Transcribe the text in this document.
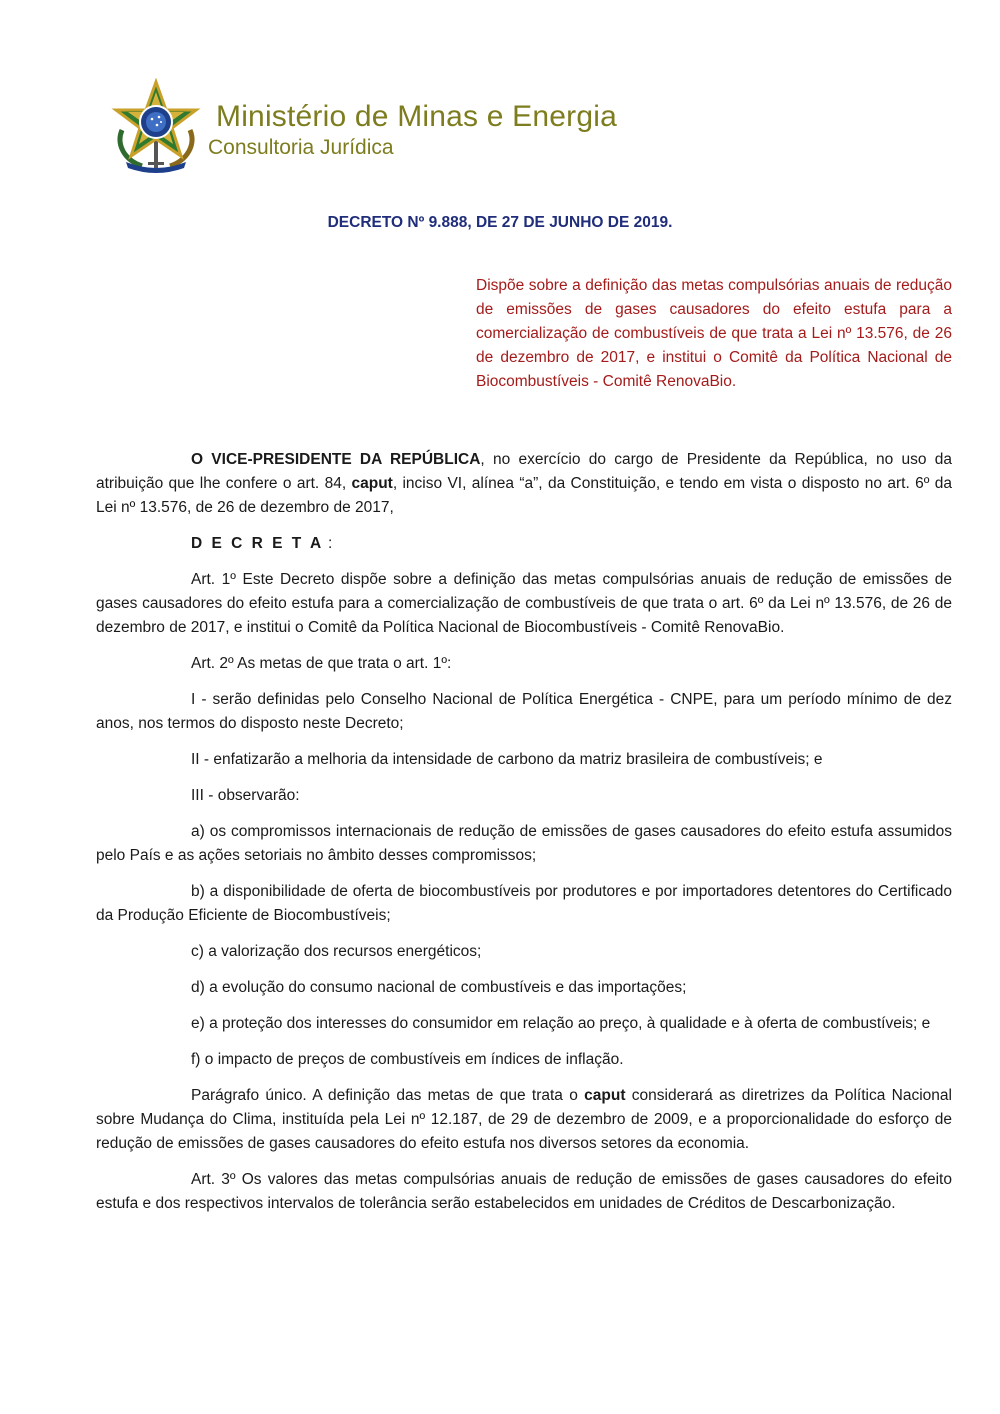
Ministério de Minas e Energia
Consultoria Jurídica
DECRETO Nº 9.888, DE 27 DE JUNHO DE 2019.
Dispõe sobre a definição das metas compulsórias anuais de redução de emissões de gases causadores do efeito estufa para a comercialização de combustíveis de que trata a Lei nº 13.576, de 26 de dezembro de 2017, e institui o Comitê da Política Nacional de Biocombustíveis - Comitê RenovaBio.

O VICE-PRESIDENTE DA REPÚBLICA, no exercício do cargo de Presidente da República, no uso da atribuição que lhe confere o art. 84, caput, inciso VI, alínea “a”, da Constituição, e tendo em vista o disposto no art. 6º da Lei nº 13.576, de 26 de dezembro de 2017,

D E C R E T A :

Art. 1º Este Decreto dispõe sobre a definição das metas compulsórias anuais de redução de emissões de gases causadores do efeito estufa para a comercialização de combustíveis de que trata o art. 6º da Lei nº 13.576, de 26 de dezembro de 2017, e institui o Comitê da Política Nacional de Biocombustíveis - Comitê RenovaBio.

Art. 2º As metas de que trata o art. 1º:

I - serão definidas pelo Conselho Nacional de Política Energética - CNPE, para um período mínimo de dez anos, nos termos do disposto neste Decreto;

II - enfatizarão a melhoria da intensidade de carbono da matriz brasileira de combustíveis; e

III - observarão:

a) os compromissos internacionais de redução de emissões de gases causadores do efeito estufa assumidos pelo País e as ações setoriais no âmbito desses compromissos;

b) a disponibilidade de oferta de biocombustíveis por produtores e por importadores detentores do Certificado da Produção Eficiente de Biocombustíveis;

c) a valorização dos recursos energéticos;

d) a evolução do consumo nacional de combustíveis e das importações;

e) a proteção dos interesses do consumidor em relação ao preço, à qualidade e à oferta de combustíveis; e

f) o impacto de preços de combustíveis em índices de inflação.

Parágrafo único. A definição das metas de que trata o caput considerará as diretrizes da Política Nacional sobre Mudança do Clima, instituída pela Lei nº 12.187, de 29 de dezembro de 2009, e a proporcionalidade do esforço de redução de emissões de gases causadores do efeito estufa nos diversos setores da economia.

Art. 3º Os valores das metas compulsórias anuais de redução de emissões de gases causadores do efeito estufa e dos respectivos intervalos de tolerância serão estabelecidos em unidades de Créditos de Descarbonização.
